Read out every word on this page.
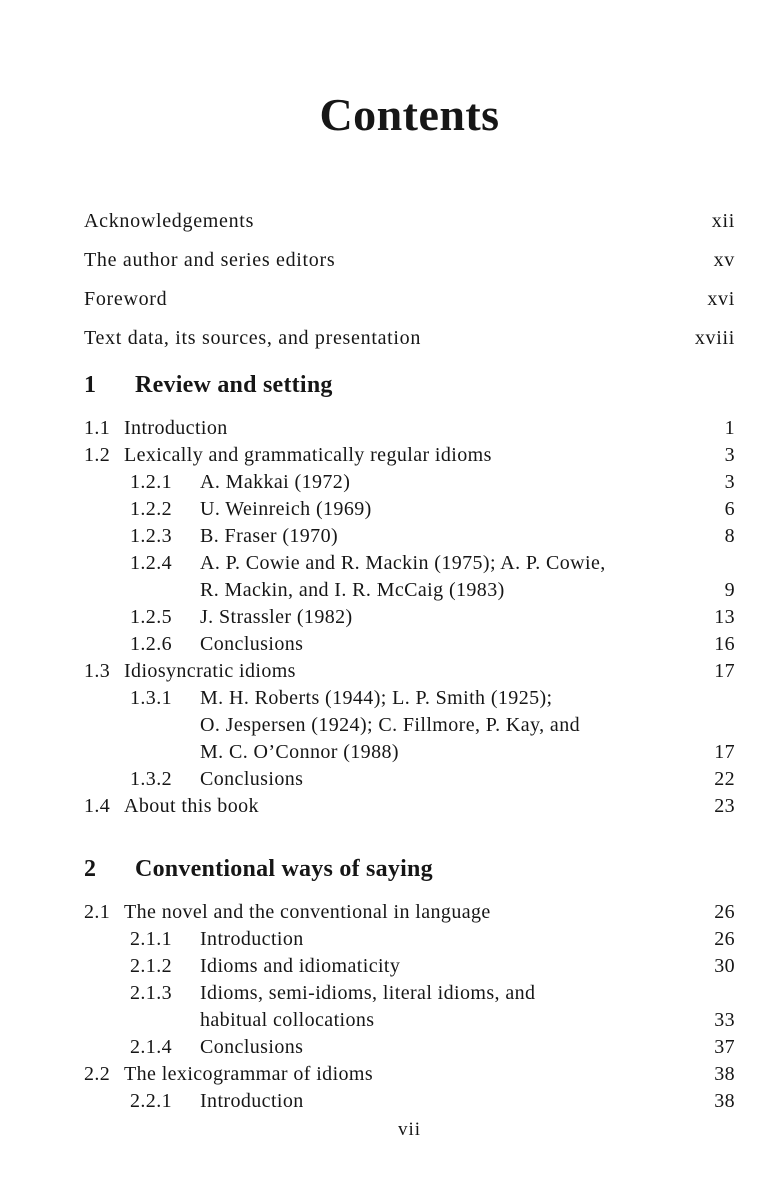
Contents
Acknowledgements	xii
The author and series editors	xv
Foreword	xvi
Text data, its sources, and presentation	xviii
1	Review and setting
1.1 Introduction	1
1.2 Lexically and grammatically regular idioms	3
1.2.1	A. Makkai (1972)	3
1.2.2	U. Weinreich (1969)	6
1.2.3	B. Fraser (1970)	8
1.2.4	A. P. Cowie and R. Mackin (1975); A. P. Cowie,
R. Mackin, and I. R. McCaig (1983)	9
1.2.5	J. Strassler (1982)	13
1.2.6	Conclusions	16
1.3 Idiosyncratic idioms	17
1.3.1	M. H. Roberts (1944); L. P. Smith (1925);
O. Jespersen (1924); C. Fillmore, P. Kay, and
M. C. O’Connor (1988)	17
1.3.2	Conclusions	22
1.4 About this book	23
2	Conventional ways of saying
2.1 The novel and the conventional in language	26
2.1.1	Introduction	26
2.1.2	Idioms and idiomaticity	30
2.1.3	Idioms, semi-idioms, literal idioms, and
habitual collocations	33
2.1.4	Conclusions	37
2.2 The lexicogrammar of idioms	38
2.2.1	Introduction	38
vii
